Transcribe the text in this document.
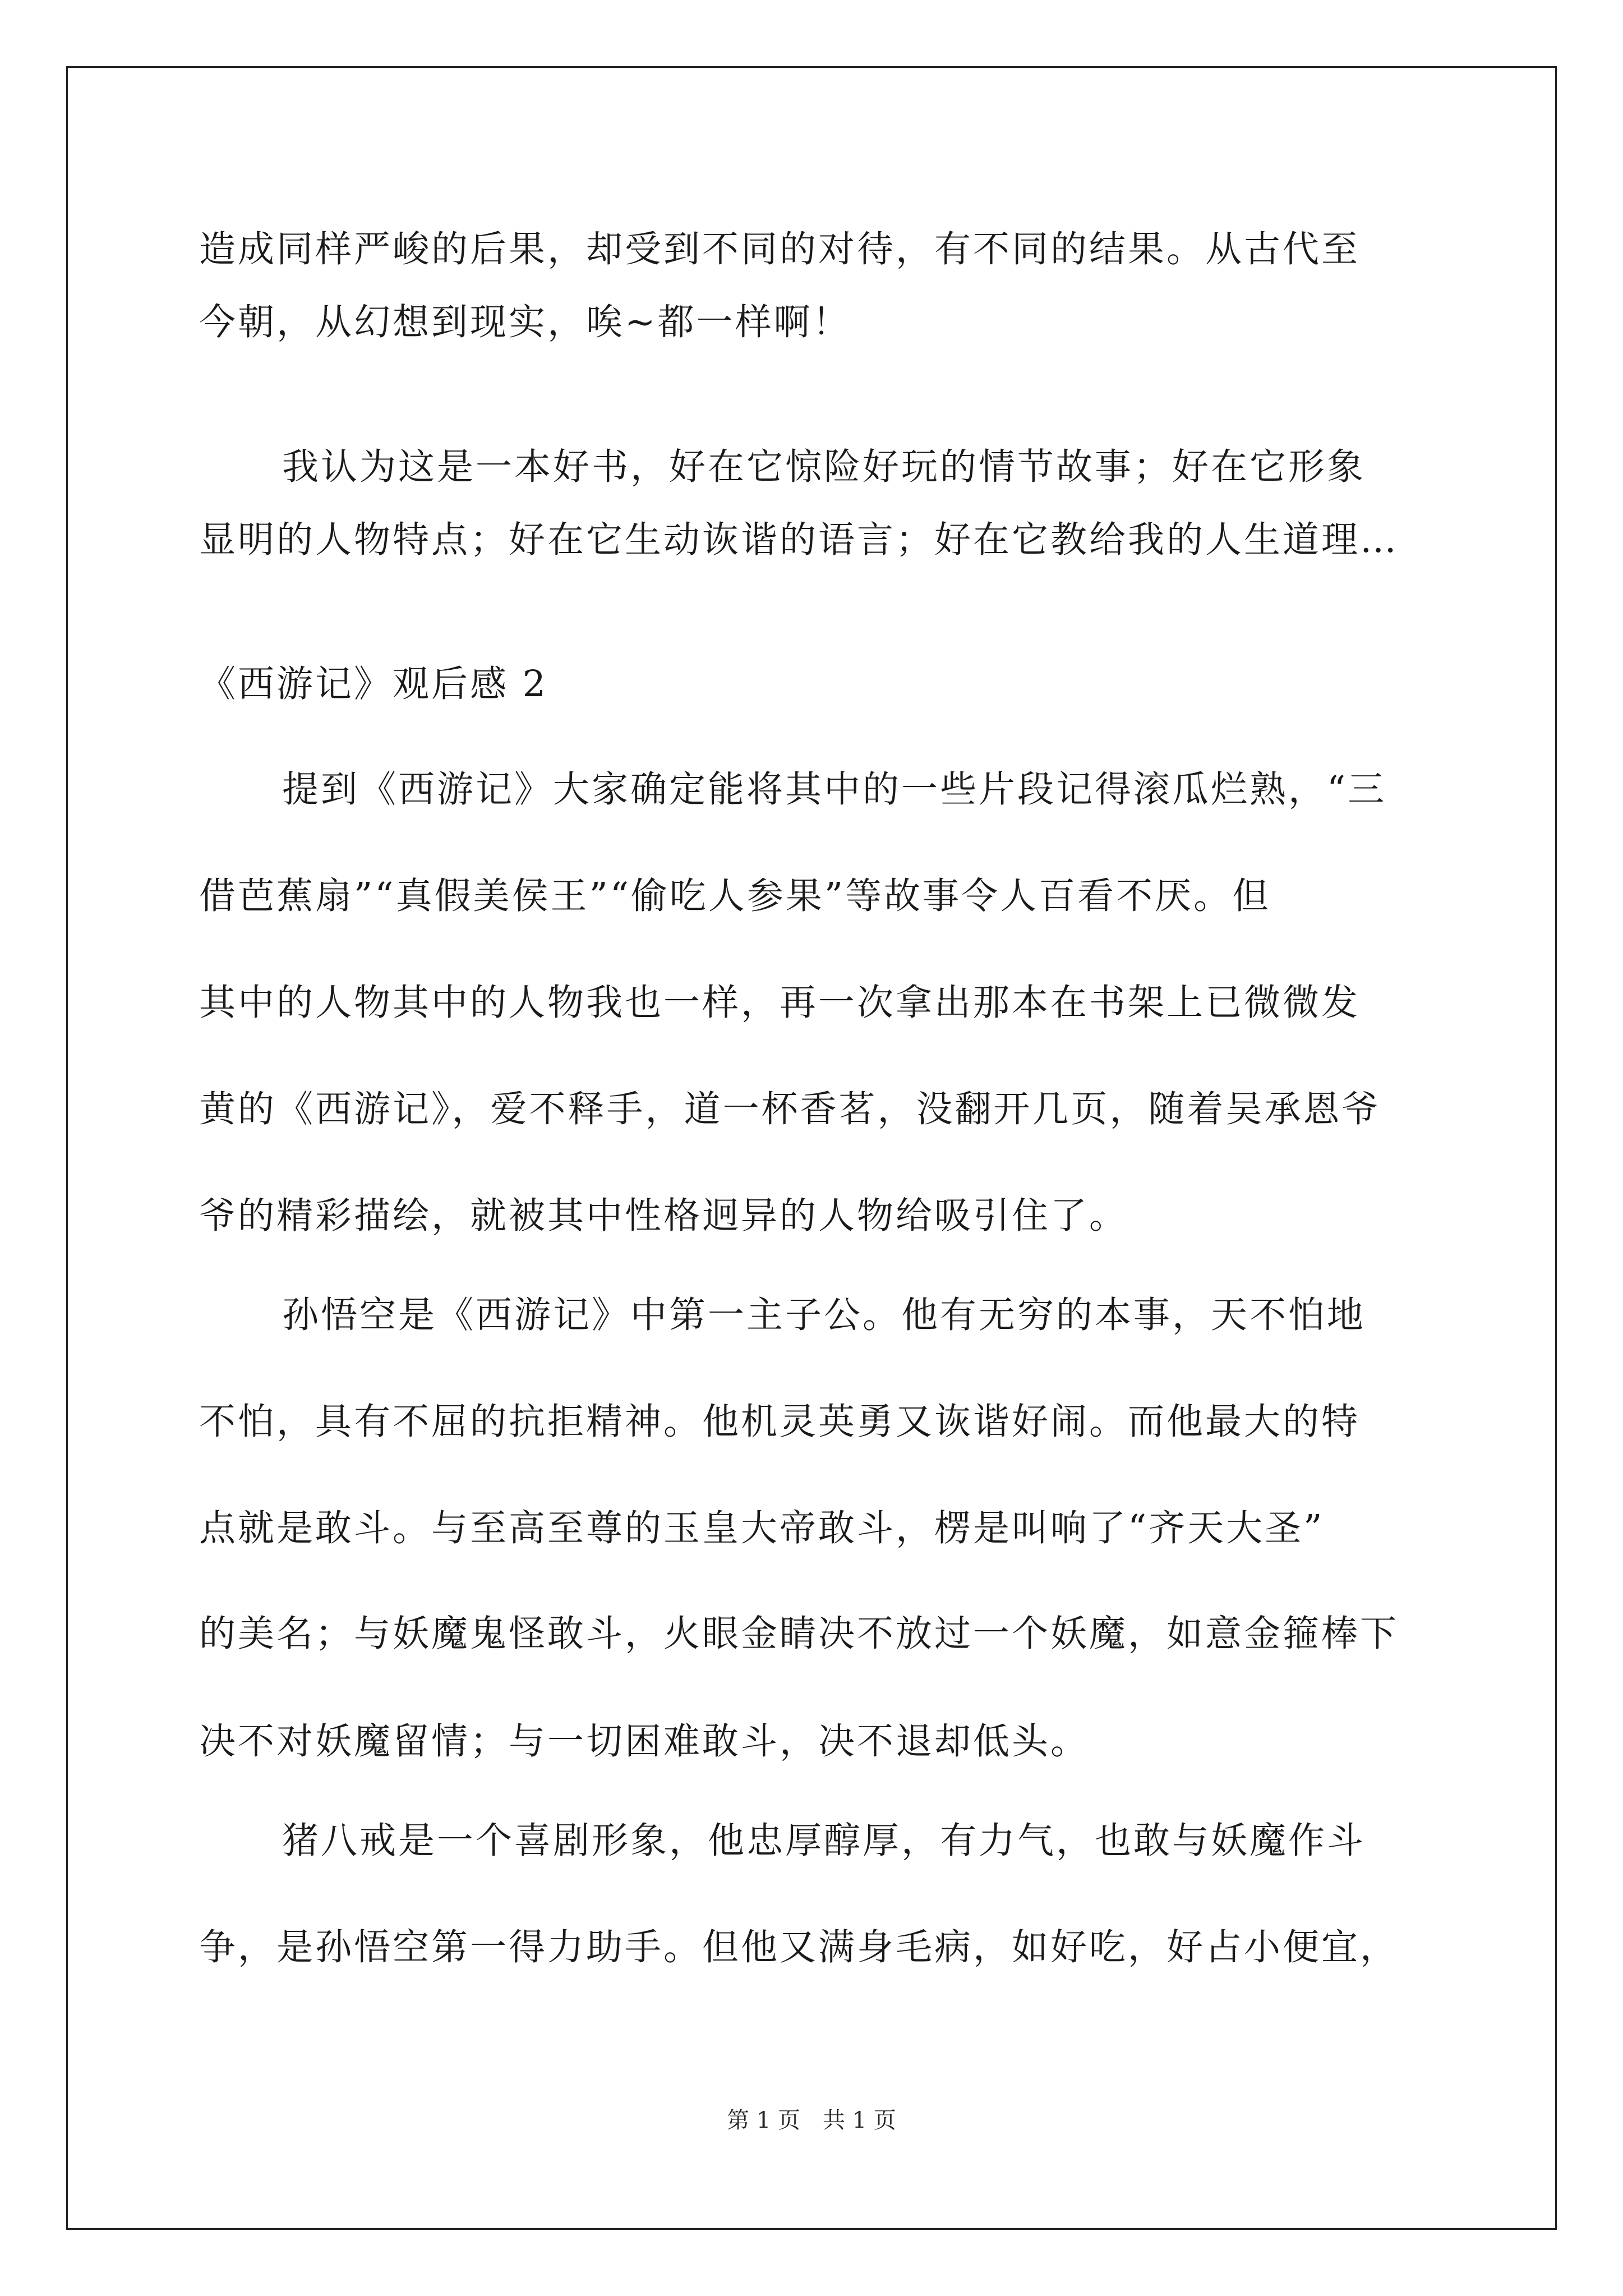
造成同样严峻的后果，却受到不同的对待，有不同的结果。从古代至
今朝，从幻想到现实，唉~都一样啊！
我认为这是一本好书，好在它惊险好玩的情节故事；好在它形象
显明的人物特点；好在它生动诙谐的语言；好在它教给我的人生道理…
《西游记》观后感 2
提到《西游记》大家确定能将其中的一些片段记得滚瓜烂熟，“三
借芭蕉扇”“真假美侯王”“偷吃人参果”等故事令人百看不厌。但
其中的人物其中的人物我也一样，再一次拿出那本在书架上已微微发
黄的《西游记》，爱不释手，道一杯香茗，没翻开几页，随着吴承恩爷
爷的精彩描绘，就被其中性格迥异的人物给吸引住了。
孙悟空是《西游记》中第一主子公。他有无穷的本事，天不怕地
不怕，具有不屈的抗拒精神。他机灵英勇又诙谐好闹。而他最大的特
点就是敢斗。与至高至尊的玉皇大帝敢斗，楞是叫响了“齐天大圣”
的美名；与妖魔鬼怪敢斗，火眼金睛决不放过一个妖魔，如意金箍棒下
决不对妖魔留情；与一切困难敢斗，决不退却低头。
猪八戒是一个喜剧形象，他忠厚醇厚，有力气，也敢与妖魔作斗
争，是孙悟空第一得力助手。但他又满身毛病，如好吃，好占小便宜，
第 1 页 共 1 页
